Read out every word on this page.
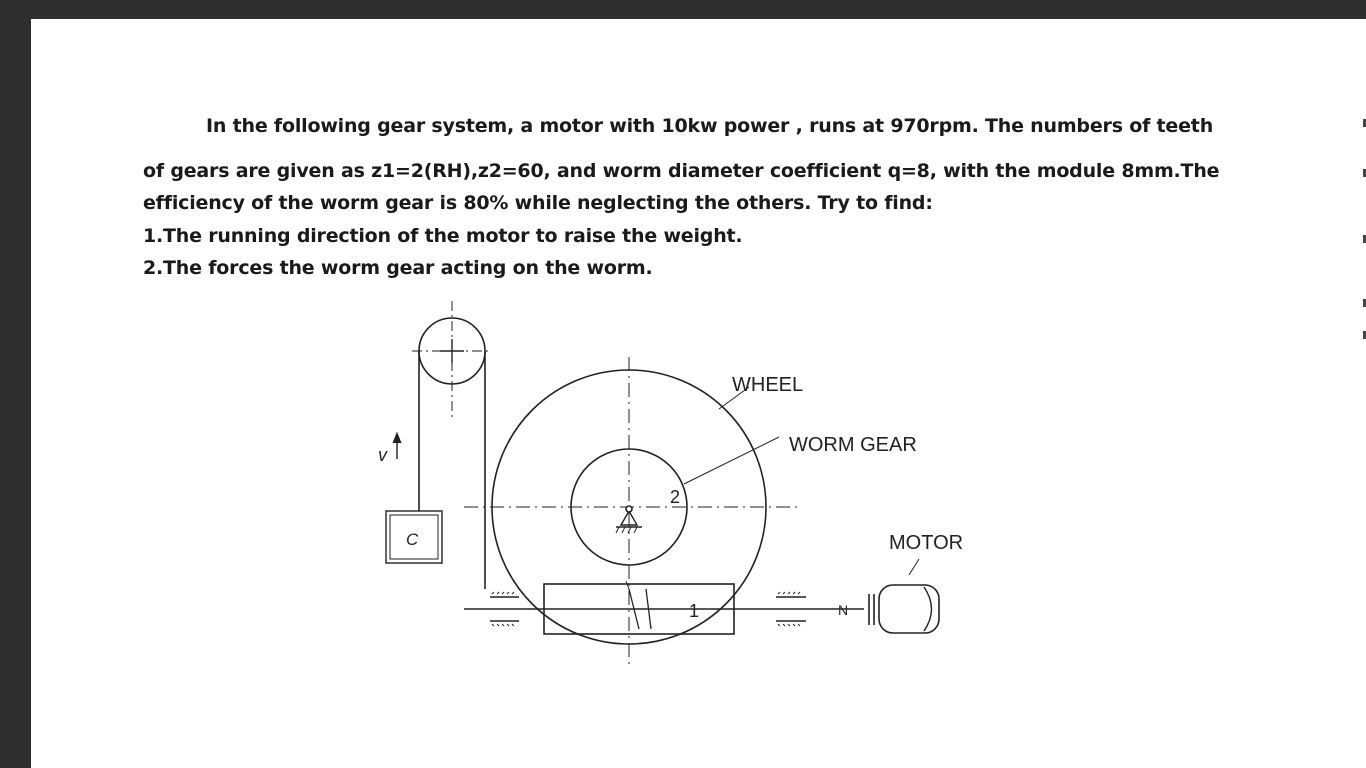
In the following gear system, a motor with 10kw power , runs at 970rpm. The numbers of teeth
of gears are given as z1=2(RH),z2=60, and worm diameter coefficient q=8, with the module 8mm.The
efficiency of the worm gear is 80% while neglecting the others. Try to find:
1.The running direction of the motor to raise the weight.
2.The forces the worm gear acting on the worm.
WHEEL
WORM GEAR
MOTOR
2
1
C
v
N
